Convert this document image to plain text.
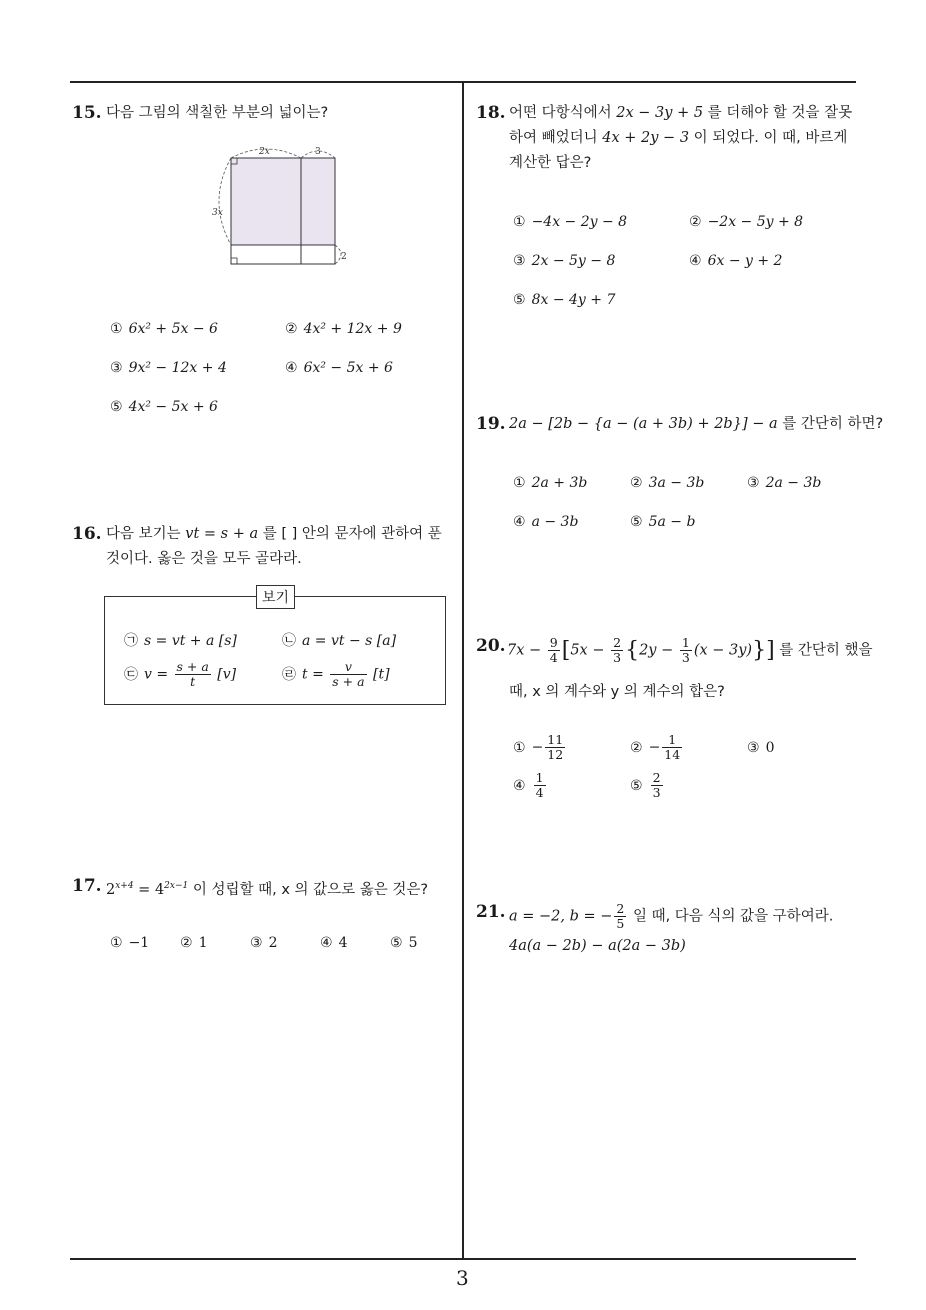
15. 다음 그림의 색칠한 부분의 넓이는?
2x	3
3x
2
① 6x² + 5x − 6	② 4x² + 12x + 9
③ 9x² − 12x + 4	④ 6x² − 5x + 6
⑤ 4x² − 5x + 6
16. 다음 보기는 vt = s + a 를 [ ] 안의 문자에 관하여 푼
것이다. 옳은 것을 모두 골라라.
보기
㉠ s = vt + a [s]	㉡ a = vt − s [a]
㉢ $v = \frac{s + a}{t} [v]$	㉣ $t = \frac{v}{s + a} [t]$
17. $2^{x+4} = 4^{2x-1}$ 이 성립할 때, x 의 값으로 옳은 것은?
① −1 ② 1	③ 2	④ 4	⑤ 5
18. 어떤 다항식에서 2x − 3y + 5 를 더해야 할 것을 잘못
하여 빼었더니 4x + 2y − 3 이 되었다. 이 때, 바르게
계산한 답은?
① −4x − 2y − 8	② −2x − 5y + 8
③ 2x − 5y − 8	④ 6x − y + 2
⑤ 8x − 4y + 7
19. 2a − [2b − {a − (a + 3b) + 2b}] − a 를 간단히 하면?
① 2a + 3b	② 3a − 3b	③ 2a − 3b
④ a − 3b	⑤ 5a − b
20. $7x - \frac{9}{4} [5x - \frac{2}{3} \{2y - \frac{1}{3} (x - 3y)\}]$ 를 간단히 했을
때, x 의 계수와 y 의 계수의 합은?
① − $\frac{11}{12}$	② − $\frac{1}{14}$	③ 0
④ $\frac{1}{4}$	⑤ $\frac{2}{3}$
21. a = −2, b = − $\frac{2}{5}$ 일 때, 다음 식의 값을 구하여라.
4a(a − 2b) − a(2a − 3b)
3
